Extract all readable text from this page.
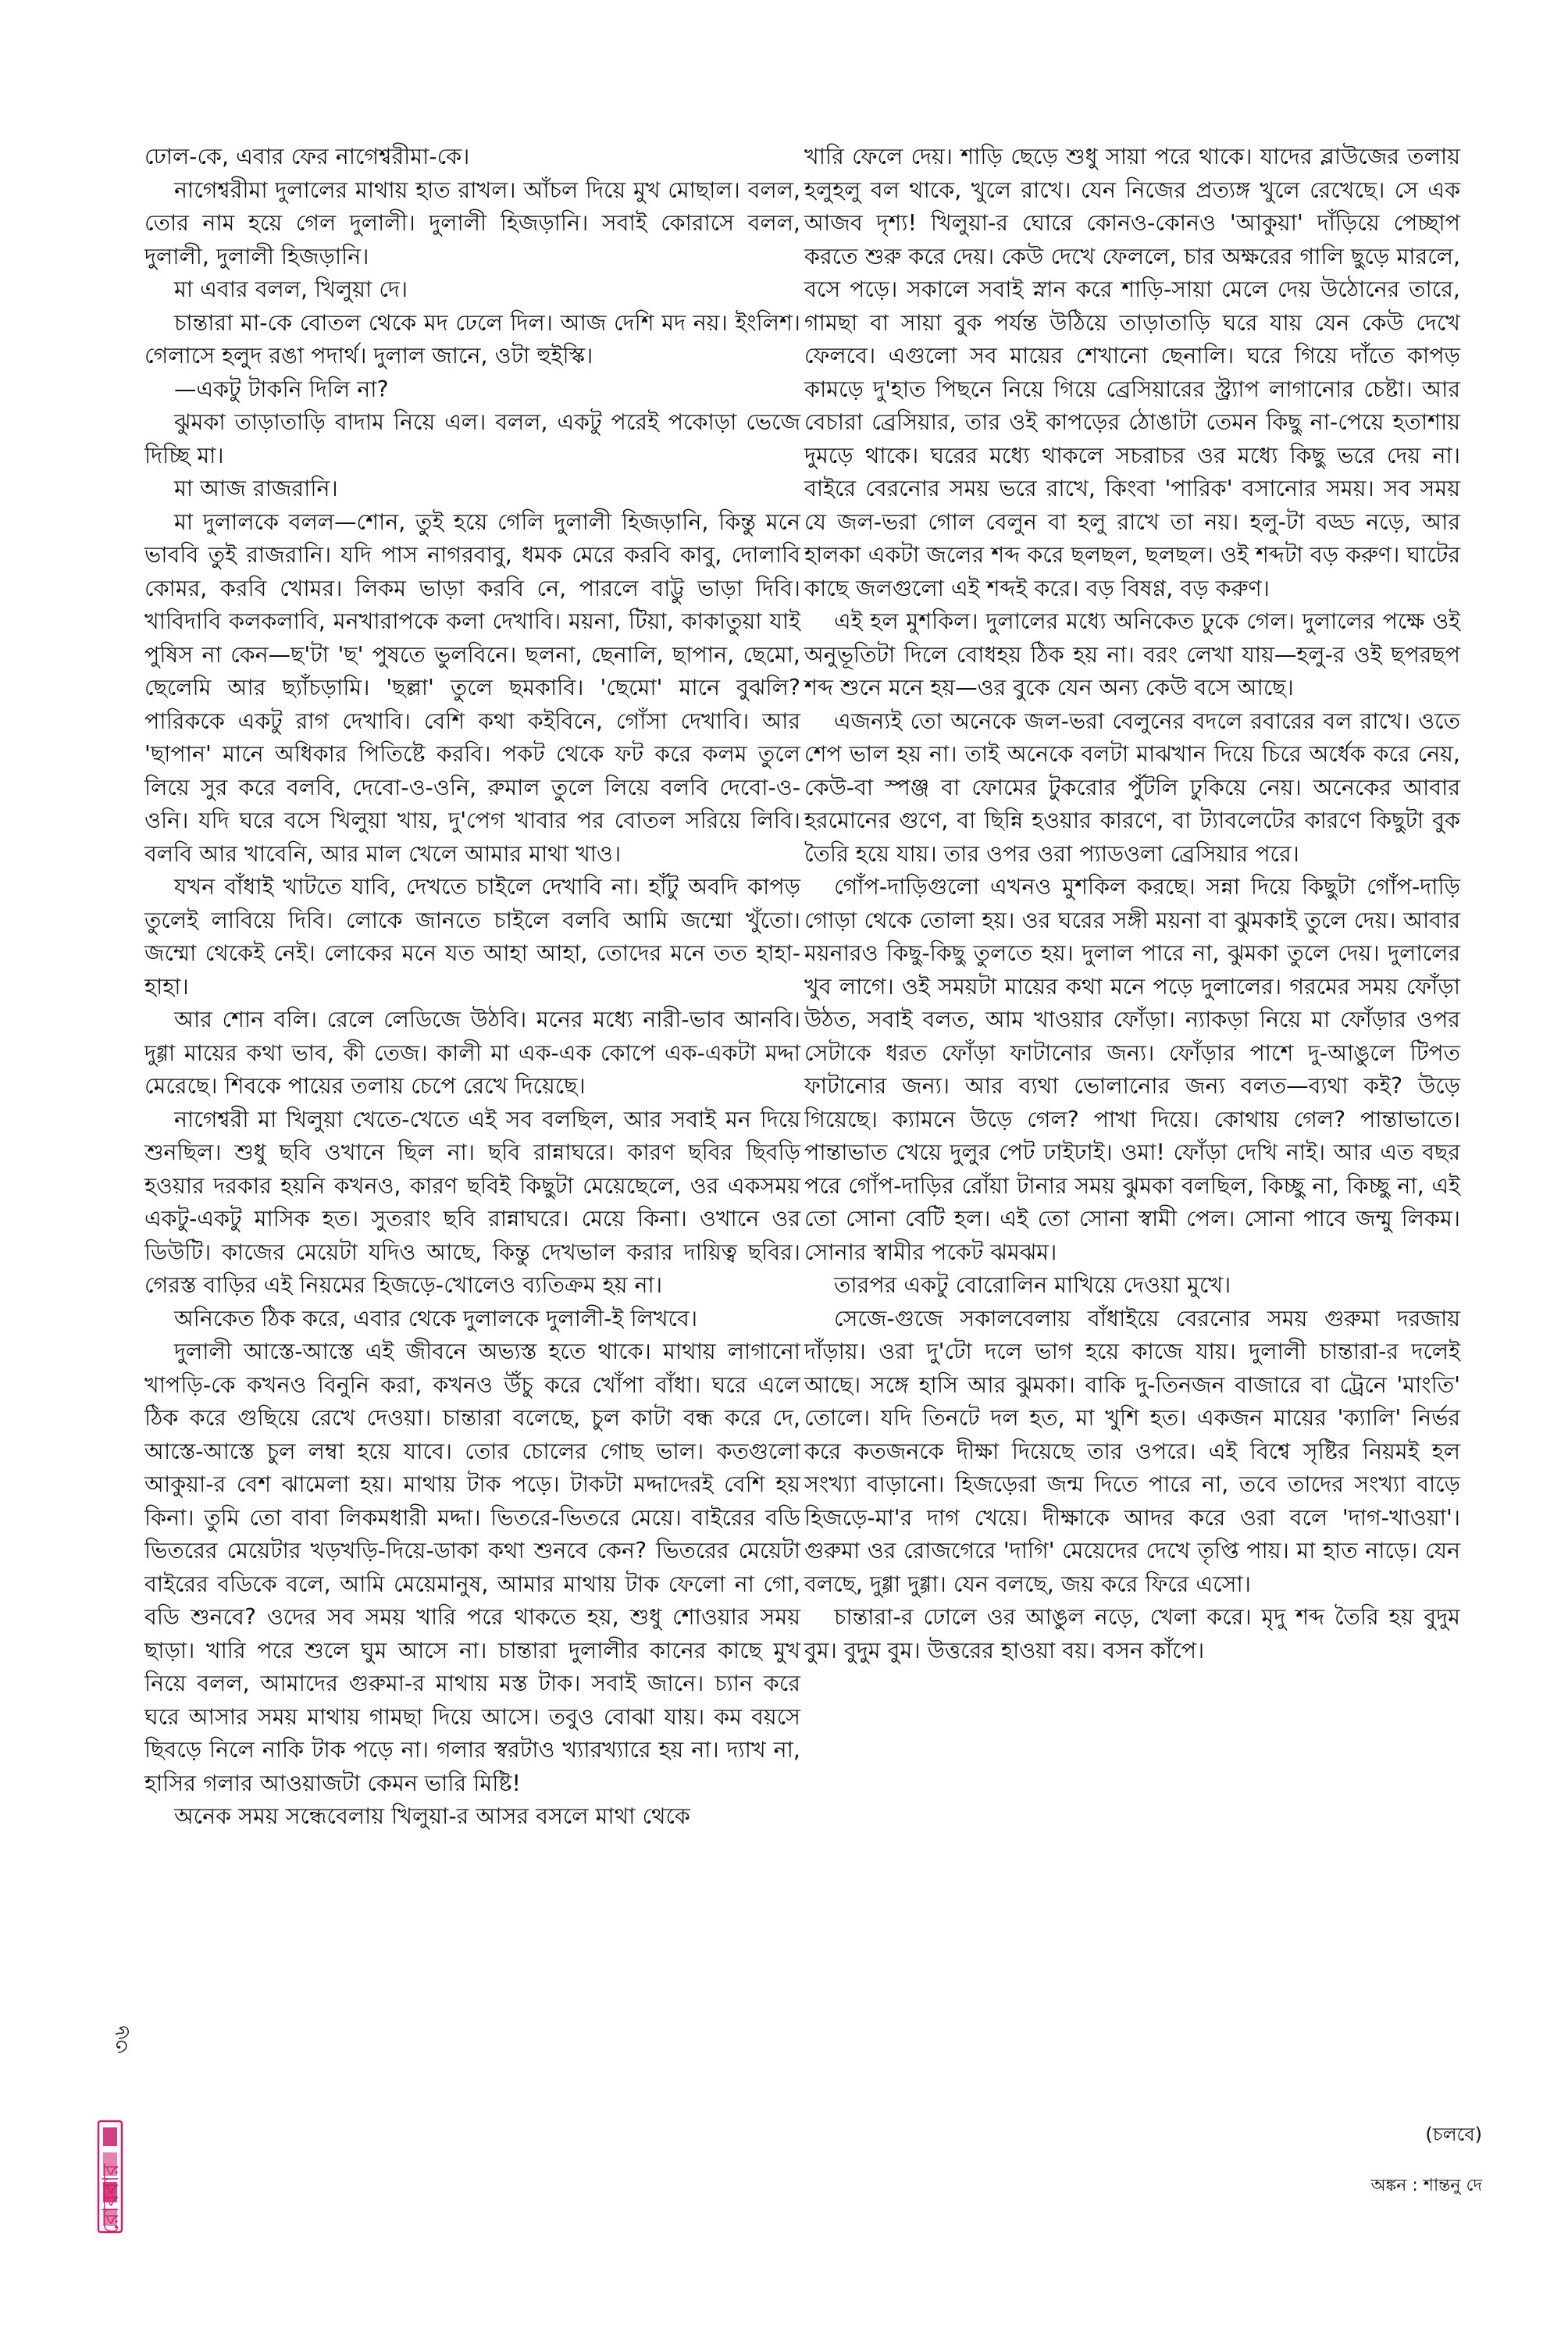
ঢোল-কে, এবার ফের নাগেশ্বরীমা-কে।

নাগেশ্বরীমা দুলালের মাথায় হাত রাখল। আঁচল দিয়ে মুখ মোছাল। বলল, তোর নাম হয়ে গেল দুলালী। দুলালী হিজড়ানি। সবাই কোরাসে বলল, দুলালী, দুলালী হিজড়ানি।

মা এবার বলল, খিলুয়া দে।

চান্তারা মা-কে বোতল থেকে মদ ঢেলে দিল। আজ দেশি মদ নয়। ইংলিশ। গেলাসে হলুদ রঙা পদার্থ। দুলাল জানে, ওটা হুইস্কি।

—একটু টাকনি দিলি না?

ঝুমকা তাড়াতাড়ি বাদাম নিয়ে এল। বলল, একটু পরেই পকোড়া ভেজে দিচ্ছি মা।

মা আজ রাজরানি।

মা দুলালকে বলল—শোন, তুই হয়ে গেলি দুলালী হিজড়ানি, কিন্তু মনে ভাববি তুই রাজরানি। যদি পাস নাগরবাবু, ধমক মেরে করবি কাবু, দোলাবি কোমর, করবি খোমর। লিকম ভাড়া করবি নে, পারলে বাট্টু ভাড়া দিবি। খাবিদাবি কলকলাবি, মনখারাপকে কলা দেখাবি। ময়না, টিয়া, কাকাতুয়া যাই পুষিস না কেন—ছ'টা 'ছ' পুষতে ভুলবিনে। ছলনা, ছেনালি, ছাপান, ছেমো, ছেলেমি আর ছ্যাঁচড়ামি। 'ছল্লা' তুলে ছমকাবি। 'ছেমো' মানে বুঝলি? পারিককে একটু রাগ দেখাবি। বেশি কথা কইবিনে, গোঁসা দেখাবি। আর 'ছাপান' মানে অধিকার পিতিষ্টে করবি। পকট থেকে ফট করে কলম তুলে লিয়ে সুর করে বলবি, দেবো-ও-ওনি, রুমাল তুলে লিয়ে বলবি দেবো-ও-ওনি। যদি ঘরে বসে খিলুয়া খায়, দু'পেগ খাবার পর বোতল সরিয়ে লিবি। বলবি আর খাবেনি, আর মাল খেলে আমার মাথা খাও।

যখন বাঁধাই খাটতে যাবি, দেখতে চাইলে দেখাবি না। হাঁটু অবদি কাপড় তুলেই লাবিয়ে দিবি। লোকে জানতে চাইলে বলবি আমি জম্মো খুঁতো। জম্মো থেকেই নেই। লোকের মনে যত আহা আহা, তোদের মনে তত হাহা-হাহা।

আর শোন বলি। রেলে লেডিজে উঠবি। মনের মধ্যে নারী-ভাব আনবি। দুগ্গা মায়ের কথা ভাব, কী তেজ। কালী মা এক-এক কোপে এক-একটা মদ্দা মেরেছে। শিবকে পায়ের তলায় চেপে রেখে দিয়েছে।

নাগেশ্বরী মা খিলুয়া খেতে-খেতে এই সব বলছিল, আর সবাই মন দিয়ে শুনছিল। শুধু ছবি ওখানে ছিল না। ছবি রান্নাঘরে। কারণ ছবির ছিবড়ি হওয়ার দরকার হয়নি কখনও, কারণ ছবিই কিছুটা মেয়েছেলে, ওর একসময় একটু-একটু মাসিক হত। সুতরাং ছবি রান্নাঘরে। মেয়ে কিনা। ওখানে ওর ডিউটি। কাজের মেয়েটা যদিও আছে, কিন্তু দেখভাল করার দায়িত্ব ছবির। গেরস্ত বাড়ির এই নিয়মের হিজড়ে-খোলেও ব্যতিক্রম হয় না।

অনিকেত ঠিক করে, এবার থেকে দুলালকে দুলালী-ই লিখবে।

দুলালী আস্তে-আস্তে এই জীবনে অভ্যস্ত হতে থাকে। মাথায় লাগানো খাপড়ি-কে কখনও বিনুনি করা, কখনও উঁচু করে খোঁপা বাঁধা। ঘরে এলে ঠিক করে গুছিয়ে রেখে দেওয়া। চান্তারা বলেছে, চুল কাটা বন্ধ করে দে, আস্তে-আস্তে চুল লম্বা হয়ে যাবে। তোর চোলের গোছ ভাল। কতগুলো আকুয়া-র বেশ ঝামেলা হয়। মাথায় টাক পড়ে। টাকটা মদ্দাদেরই বেশি হয় কিনা। তুমি তো বাবা লিকমধারী মদ্দা। ভিতরে-ভিতরে মেয়ে। বাইরের বডি ভিতরের মেয়েটার খড়খড়ি-দিয়ে-ডাকা কথা শুনবে কেন? ভিতরের মেয়েটা বাইরের বডিকে বলে, আমি মেয়েমানুষ, আমার মাথায় টাক ফেলো না গো, বডি শুনবে? ওদের সব সময় খারি পরে থাকতে হয়, শুধু শোওয়ার সময় ছাড়া। খারি পরে শুলে ঘুম আসে না। চান্তারা দুলালীর কানের কাছে মুখ নিয়ে বলল, আমাদের গুরুমা-র মাথায় মস্ত টাক। সবাই জানে। চ্যান করে ঘরে আসার সময় মাথায় গামছা দিয়ে আসে। তবুও বোঝা যায়। কম বয়সে ছিবড়ে নিলে নাকি টাক পড়ে না। গলার স্বরটাও খ্যারখ্যারে হয় না। দ্যাখ না, হাসির গলার আওয়াজটা কেমন ভারি মিষ্টি!

অনেক সময় সন্ধেবেলায় খিলুয়া-র আসর বসলে মাথা থেকে

খারি ফেলে দেয়। শাড়ি ছেড়ে শুধু সায়া পরে থাকে। যাদের ব্লাউজের তলায় হলুহলু বল থাকে, খুলে রাখে। যেন নিজের প্রত্যঙ্গ খুলে রেখেছে। সে এক আজব দৃশ্য! খিলুয়া-র ঘোরে কোনও-কোনও 'আকুয়া' দাঁড়িয়ে পেচ্ছাপ করতে শুরু করে দেয়। কেউ দেখে ফেললে, চার অক্ষরের গালি ছুড়ে মারলে, বসে পড়ে। সকালে সবাই স্নান করে শাড়ি-সায়া মেলে দেয় উঠোনের তারে, গামছা বা সায়া বুক পর্যন্ত উঠিয়ে তাড়াতাড়ি ঘরে যায় যেন কেউ দেখে ফেলবে। এগুলো সব মায়ের শেখানো ছেনালি। ঘরে গিয়ে দাঁতে কাপড় কামড়ে দু'হাত পিছনে নিয়ে গিয়ে ব্রেসিয়ারের স্ট্র্যাপ লাগানোর চেষ্টা। আর বেচারা ব্রেসিয়ার, তার ওই কাপড়ের ঠোঙাটা তেমন কিছু না-পেয়ে হতাশায় দুমড়ে থাকে। ঘরের মধ্যে থাকলে সচরাচর ওর মধ্যে কিছু ভরে দেয় না। বাইরে বেরনোর সময় ভরে রাখে, কিংবা 'পারিক' বসানোর সময়। সব সময় যে জল-ভরা গোল বেলুন বা হলু রাখে তা নয়। হলু-টা বড্ড নড়ে, আর হালকা একটা জলের শব্দ করে ছলছল, ছলছল। ওই শব্দটা বড় করুণ। ঘাটের কাছে জলগুলো এই শব্দই করে। বড় বিষণ্ণ, বড় করুণ।

এই হল মুশকিল। দুলালের মধ্যে অনিকেত ঢুকে গেল। দুলালের পক্ষে ওই অনুভূতিটা দিলে বোধহয় ঠিক হয় না। বরং লেখা যায়—হলু-র ওই ছপরছপ শব্দ শুনে মনে হয়—ওর বুকে যেন অন্য কেউ বসে আছে।

এজন্যই তো অনেকে জল-ভরা বেলুনের বদলে রবারের বল রাখে। ওতে শেপ ভাল হয় না। তাই অনেকে বলটা মাঝখান দিয়ে চিরে অর্ধেক করে নেয়, কেউ-বা স্পঞ্জ বা ফোমের টুকরোর পুঁটলি ঢুকিয়ে নেয়। অনেকের আবার হরমোনের গুণে, বা ছিন্নি হওয়ার কারণে, বা ট্যাবলেটের কারণে কিছুটা বুক তৈরি হয়ে যায়। তার ওপর ওরা প্যাডওলা ব্রেসিয়ার পরে।

গোঁপ-দাড়িগুলো এখনও মুশকিল করছে। সন্না দিয়ে কিছুটা গোঁপ-দাড়ি গোড়া থেকে তোলা হয়। ওর ঘরের সঙ্গী ময়না বা ঝুমকাই তুলে দেয়। আবার ময়নারও কিছু-কিছু তুলতে হয়। দুলাল পারে না, ঝুমকা তুলে দেয়। দুলালের খুব লাগে। ওই সময়টা মায়ের কথা মনে পড়ে দুলালের। গরমের সময় ফোঁড়া উঠত, সবাই বলত, আম খাওয়ার ফোঁড়া। ন্যাকড়া নিয়ে মা ফোঁড়ার ওপর সেটাকে ধরত ফোঁড়া ফাটানোর জন্য। ফোঁড়ার পাশে দু-আঙুলে টিপত ফাটানোর জন্য। আর ব্যথা ভোলানোর জন্য বলত—ব্যথা কই? উড়ে গিয়েছে। ক্যামনে উড়ে গেল? পাখা দিয়ে। কোথায় গেল? পান্তাভাতে। পান্তাভাত খেয়ে দুলুর পেট ঢাইঢাই। ওমা! ফোঁড়া দেখি নাই। আর এত বছর পরে গোঁপ-দাড়ির রোঁয়া টানার সময় ঝুমকা বলছিল, কিচ্ছু না, কিচ্ছু না, এই তো সোনা বেটি হল। এই তো সোনা স্বামী পেল। সোনা পাবে জম্মু লিকম। সোনার স্বামীর পকেট ঝমঝম।

তারপর একটু বোরোলিন মাখিয়ে দেওয়া মুখে।

সেজে-গুজে সকালবেলায় বাঁধাইয়ে বেরনোর সময় গুরুমা দরজায় দাঁড়ায়। ওরা দু'টো দলে ভাগ হয়ে কাজে যায়। দুলালী চান্তারা-র দলেই আছে। সঙ্গে হাসি আর ঝুমকা। বাকি দু-তিনজন বাজারে বা ট্রেনে 'মাংতি' তোলে। যদি তিনটে দল হত, মা খুশি হত। একজন মায়ের 'ক্যালি' নির্ভর করে কতজনকে দীক্ষা দিয়েছে তার ওপরে। এই বিশ্বে সৃষ্টির নিয়মই হল সংখ্যা বাড়ানো। হিজড়েরা জন্ম দিতে পারে না, তবে তাদের সংখ্যা বাড়ে হিজড়ে-মা'র দাগ খেয়ে। দীক্ষাকে আদর করে ওরা বলে 'দাগ-খাওয়া'। গুরুমা ওর রোজগেরে 'দাগি' মেয়েদের দেখে তৃপ্তি পায়। মা হাত নাড়ে। যেন বলছে, দুগ্গা দুগ্গা। যেন বলছে, জয় করে ফিরে এসো।

চান্তারা-র ঢোলে ওর আঙুল নড়ে, খেলা করে। মৃদু শব্দ তৈরি হয় বুদুম বুম। বুদুম বুম। উত্তরের হাওয়া বয়। বসন কাঁপে।

(চলবে)
অঙ্কন : শান্তনু দে
৩৬
রোববার
